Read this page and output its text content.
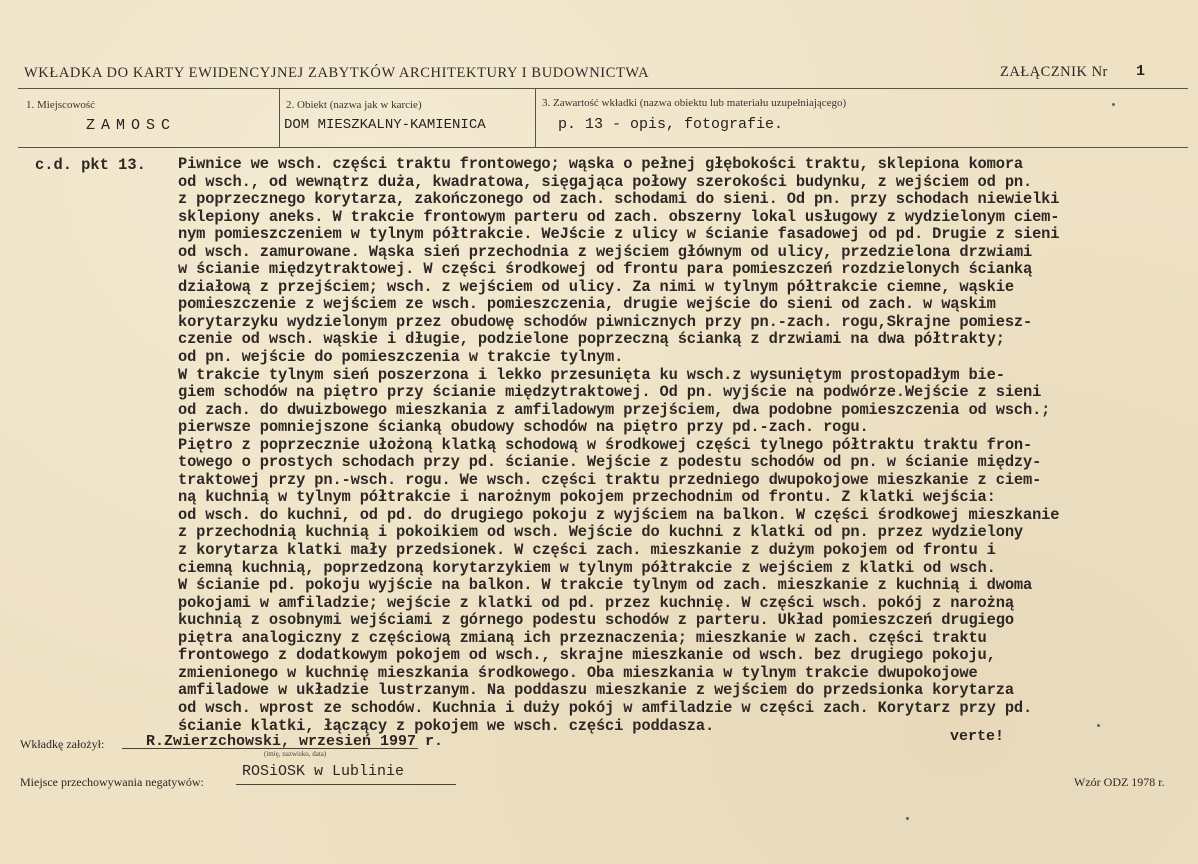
WKŁADKA DO KARTY EWIDENCYJNEJ ZABYTKÓW ARCHITEKTURY I BUDOWNICTWA	ZAŁĄCZNIK Nr 1
1. Miejscowość
ZAMOSC
2. Obiekt (nazwa jak w karcie)
DOM MIESZKALNY-KAMIENICA
3. Zawartość wkładki (nazwa obiektu lub materiału uzupełniającego)
p. 13 - opis, fotografie.
c.d. pkt 13. Piwnice we wsch. części traktu frontowego; wąska o pełnej głębokości traktu, sklepiona komora
od wsch., od wewnątrz duża, kwadratowa, sięgająca połowy szerokości budynku, z wejściem od pn.
z poprzecznego korytarza, zakończonego od zach. schodami do sieni. Od pn. przy schodach niewielki
sklepiony aneks. W trakcie frontowym parteru od zach. obszerny lokal usługowy z wydzielonym ciem-
nym pomieszczeniem w tylnym półtrakcie. WeJście z ulicy w ścianie fasadowej od pd. Drugie z sieni
od wsch. zamurowane. Wąska sień przechodnia z wejściem głównym od ulicy, przedzielona drzwiami
w ścianie międzytraktowej. W części środkowej od frontu para pomieszczeń rozdzielonych ścianką
działową z przejściem; wsch. z wejściem od ulicy. Za nimi w tylnym półtrakcie ciemne, wąskie
pomieszczenie z wejściem ze wsch. pomieszczenia, drugie wejście do sieni od zach. w wąskim
korytarzyku wydzielonym przez obudowę schodów piwnicznych przy pn.-zach. rogu,Skrajne pomiesz-
czenie od wsch. wąskie i długie, podzielone poprzeczną ścianką z drzwiami na dwa półtrakty;
od pn. wejście do pomieszczenia w trakcie tylnym.
W trakcie tylnym sień poszerzona i lekko przesunięta ku wsch.z wysuniętym prostopadłym bie-
giem schodów na piętro przy ścianie międzytraktowej. Od pn. wyjście na podwórze.Wejście z sieni
od zach. do dwuizbowego mieszkania z amfiladowym przejściem, dwa podobne pomieszczenia od wsch.;
pierwsze pomniejszone ścianką obudowy schodów na piętro przy pd.-zach. rogu.
Piętro z poprzecznie ułożoną klatką schodową w środkowej części tylnego półtraktu traktu fron-
towego o prostych schodach przy pd. ścianie. Wejście z podestu schodów od pn. w ścianie między-
traktowej przy pn.-wsch. rogu. We wsch. części traktu przedniego dwupokojowe mieszkanie z ciem-
ną kuchnią w tylnym półtrakcie i narożnym pokojem przechodnim od frontu. Z klatki wejścia:
od wsch. do kuchni, od pd. do drugiego pokoju z wyjściem na balkon. W części środkowej mieszkanie
z przechodnią kuchnią i pokoikiem od wsch. Wejście do kuchni z klatki od pn. przez wydzielony
z korytarza klatki mały przedsionek. W części zach. mieszkanie z dużym pokojem od frontu i
ciemną kuchnią, poprzedzoną korytarzykiem w tylnym półtrakcie z wejściem z klatki od wsch.
W ścianie pd. pokoju wyjście na balkon. W trakcie tylnym od zach. mieszkanie z kuchnią i dwoma
pokojami w amfiladzie; wejście z klatki od pd. przez kuchnię. W części wsch. pokój z narożną
kuchnią z osobnymi wejściami z górnego podestu schodów z parteru. Układ pomieszczeń drugiego
piętra analogiczny z częściową zmianą ich przeznaczenia; mieszkanie w zach. części traktu
frontowego z dodatkowym pokojem od wsch., skrajne mieszkanie od wsch. bez drugiego pokoju,
zmienionego w kuchnię mieszkania środkowego. Oba mieszkania w tylnym trakcie dwupokojowe
amfiladowe w układzie lustrzanym. Na poddaszu mieszkanie z wejściem do przedsionka korytarza
od wsch. wprost ze schodów. Kuchnia i duży pokój w amfiladzie w części zach. Korytarz przy pd.
ścianie klatki, łączący z pokojem we wsch. części poddasza.
verte!
Wkładkę założył:	R.Zwierzchowski, wrzesień 1997 r.
(imię, nazwisko, data)
Miejsce przechowywania negatywów:
ROSiOSK w Lublinie
Wzór ODZ 1978 r.
